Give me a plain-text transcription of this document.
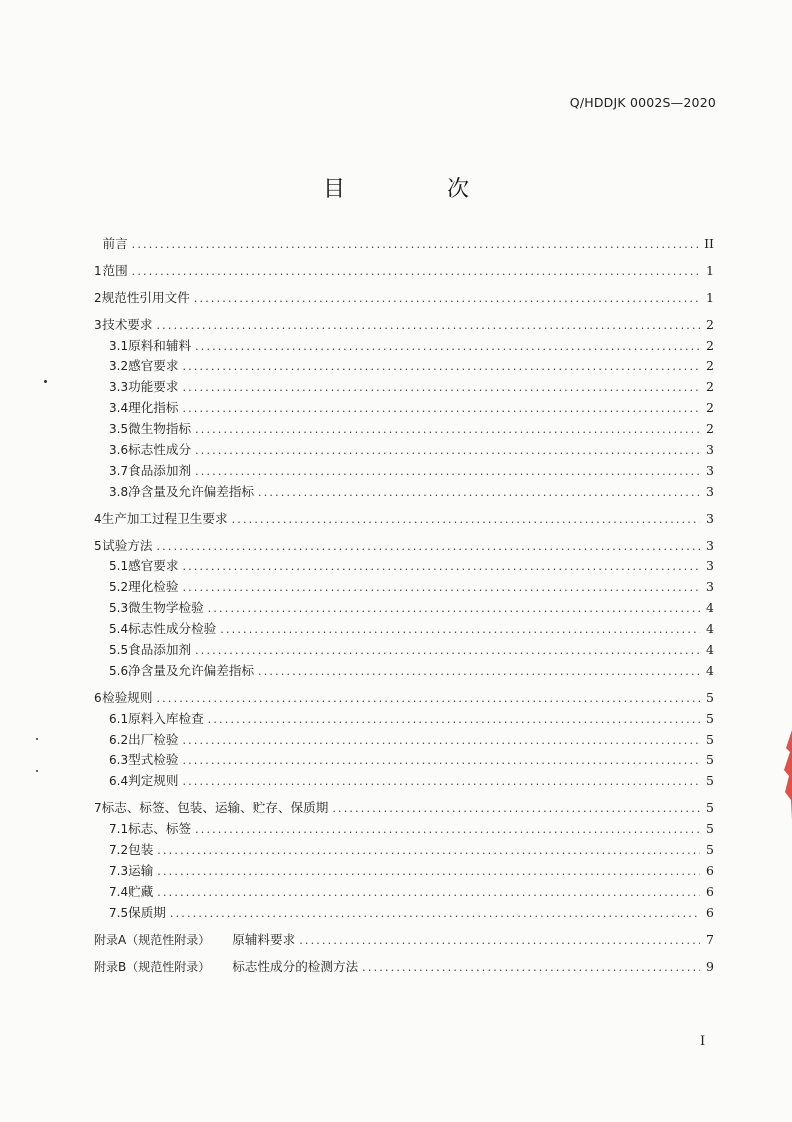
Q/HDDJK 0002S—2020
目　次
前言 .....	II
1 范围 .....	1
2 规范性引用文件 .....	1
3 技术要求 .....	2
3.1 原料和辅料 .....	2
3.2 感官要求 .....	2
3.3 功能要求 .....	2
3.4 理化指标 .....	2
3.5 微生物指标 .....	2
3.6 标志性成分 .....	3
3.7 食品添加剂 .....	3
3.8 净含量及允许偏差指标 .....	3
4 生产加工过程卫生要求 .....	3
5 试验方法 .....	3
5.1 感官要求 .....	3
5.2 理化检验 .....	3
5.3 微生物学检验 .....	4
5.4 标志性成分检验 .....	4
5.5 食品添加剂 .....	4
5.6 净含量及允许偏差指标 .....	4
6 检验规则 .....	5
6.1 原料入库检查 .....	5
6.2 出厂检验 .....	5
6.3 型式检验 .....	5
6.4 判定规则 .....	5
7 标志、标签、包装、运输、贮存、保质期 .....	5
7.1 标志、标签 .....	5
7.2 包装 .....	5
7.3 运输 .....	6
7.4 贮藏 .....	6
7.5 保质期 .....	6
附录A（规范性附录）	原辅料要求 .....	7
附录B（规范性附录）	标志性成分的检测方法 .....	9
I
